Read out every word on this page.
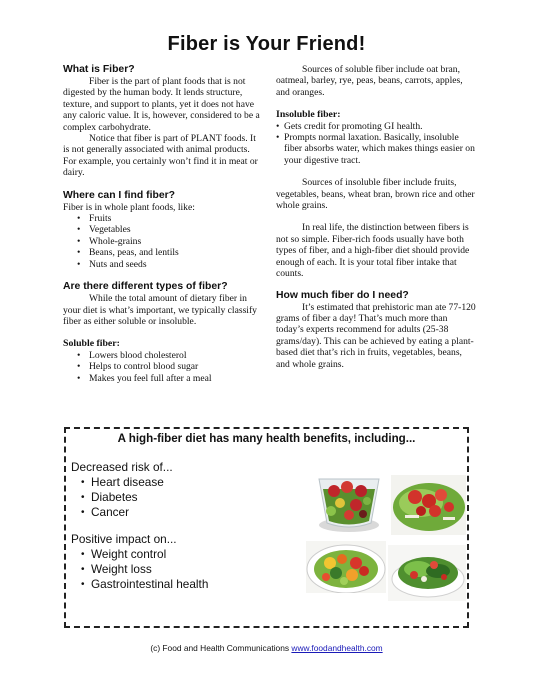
Fiber is Your Friend!
What is Fiber?

Fiber is the part of plant foods that is not digested by the human body. It lends structure, texture, and support to plants, yet it does not have any caloric value. It is, however, considered to be a complex carbohydrate.

Notice that fiber is part of PLANT foods. It is not generally associated with animal products. For example, you certainly won’t find it in meat or dairy.

Where can I find fiber?

Fiber is in whole plant foods, like:

• Fruits
• Vegetables
• Whole-grains
• Beans, peas, and lentils
• Nuts and seeds
Are there different types of fiber?

While the total amount of dietary fiber in your diet is what’s important, we typically classify fiber as either soluble or insoluble.

Soluble fiber:
• Lowers blood cholesterol
• Helps to control blood sugar
• Makes you feel full after a meal

Sources of soluble fiber include oat bran, oatmeal, barley, rye, peas, beans, carrots, apples, and oranges.

Insoluble fiber:
• Gets credit for promoting GI health.
• Prompts normal laxation. Basically, insoluble fiber absorbs water, which makes things easier on your digestive tract.

Sources of insoluble fiber include fruits, vegetables, beans, wheat bran, brown rice and other whole grains.

In real life, the distinction between fibers is not so simple. Fiber-rich foods usually have both types of fiber, and a high-fiber diet should provide enough of each. It is your total fiber intake that counts.

How much fiber do I need?

It’s estimated that prehistoric man ate 77-120 grams of fiber a day! That’s much more than today’s experts recommend for adults (25-38 grams/day). This can be achieved by eating a plant-based diet that’s rich in fruits, vegetables, beans, and whole grains.

A high-fiber diet has many health benefits, including...

Decreased risk of...

• Heart disease
• Diabetes
• Cancer

Positive impact on...

• Weight control
• Weight loss
• Gastrointestinal health
(c) Food and Health Communications www.foodandhealth.com
